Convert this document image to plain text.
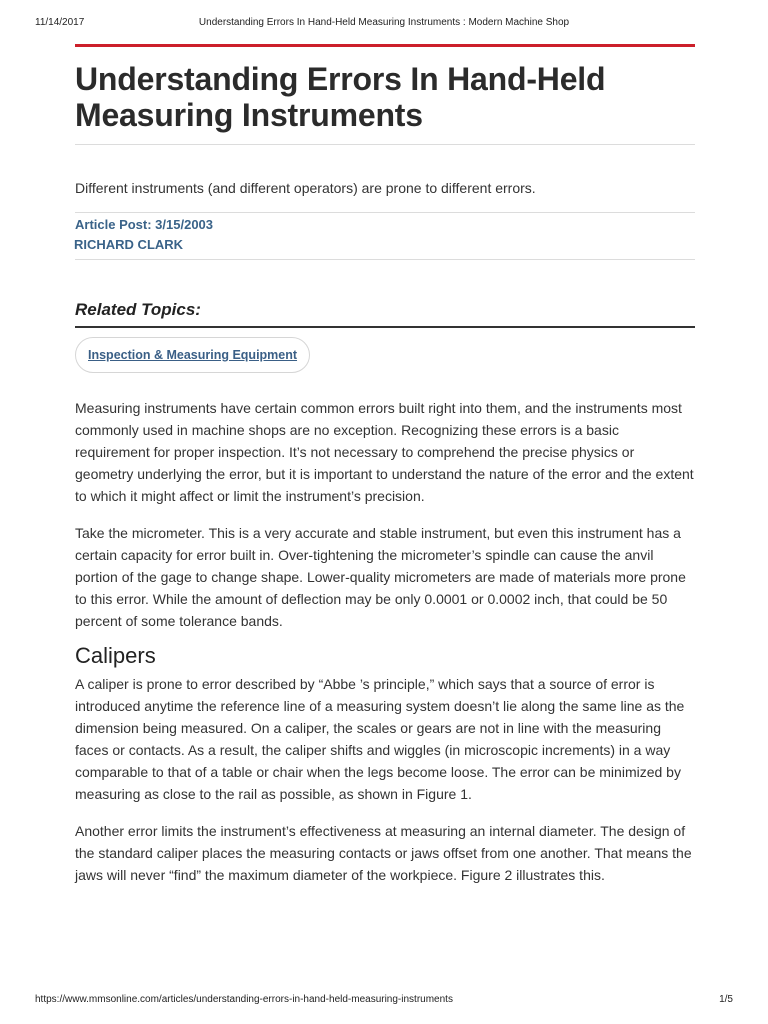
11/14/2017	Understanding Errors In Hand-Held Measuring Instruments : Modern Machine Shop
Understanding Errors In Hand-Held Measuring Instruments
Different instruments (and different operators) are prone to different errors.
Article Post: 3/15/2003
RICHARD CLARK
Related Topics:
Inspection & Measuring Equipment

Measuring instruments have certain common errors built right into them, and the instruments most commonly used in machine shops are no exception. Recognizing these errors is a basic requirement for proper inspection. It’s not necessary to comprehend the precise physics or geometry underlying the error, but it is important to understand the nature of the error and the extent to which it might affect or limit the instrument’s precision.

Take the micrometer. This is a very accurate and stable instrument, but even this instrument has a certain capacity for error built in. Over-tightening the micrometer’s spindle can cause the anvil portion of the gage to change shape. Lower-quality micrometers are made of materials more prone to this error. While the amount of deflection may be only 0.0001 or 0.0002 inch, that could be 50 percent of some tolerance bands.

Calipers

A caliper is prone to error described by “Abbe ’s principle,” which says that a source of error is introduced anytime the reference line of a measuring system doesn’t lie along the same line as the dimension being measured. On a caliper, the scales or gears are not in line with the measuring faces or contacts. As a result, the caliper shifts and wiggles (in microscopic increments) in a way comparable to that of a table or chair when the legs become loose. The error can be minimized by measuring as close to the rail as possible, as shown in Figure 1.

Another error limits the instrument’s effectiveness at measuring an internal diameter. The design of the standard caliper places the measuring contacts or jaws offset from one another. That means the jaws will never “find” the maximum diameter of the workpiece. Figure 2 illustrates this.

https://www.mmsonline.com/articles/understanding-errors-in-hand-held-measuring-instruments	1/5
